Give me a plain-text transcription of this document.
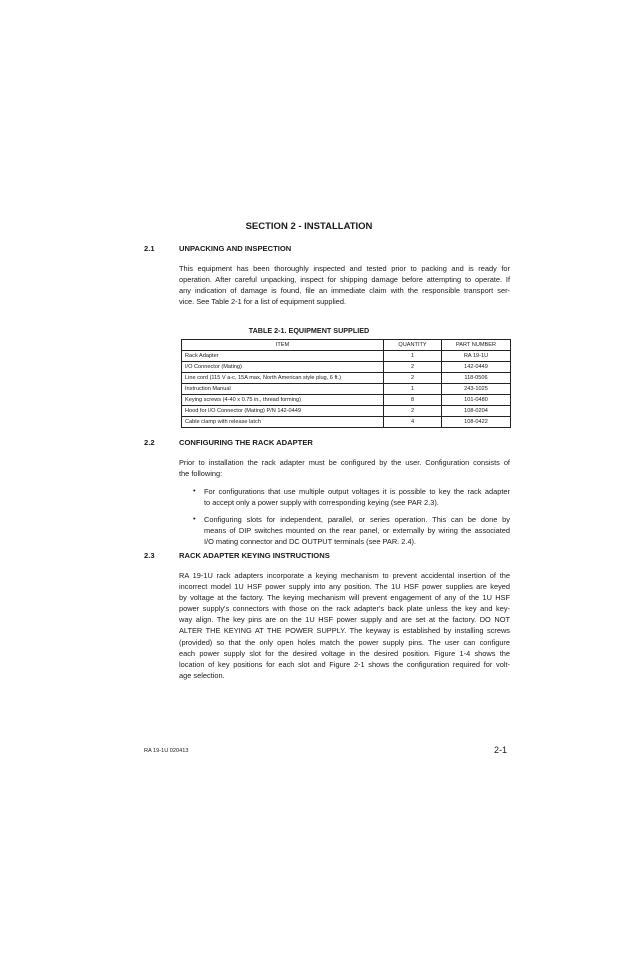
SECTION 2 - INSTALLATION
2.1	UNPACKING AND INSPECTION
This equipment has been thoroughly inspected and tested prior to packing and is ready for
operation. After careful unpacking, inspect for shipping damage before attempting to operate. If
any indication of damage is found, file an immediate claim with the responsible transport ser-
vice. See Table 2-1 for a list of equipment supplied.
TABLE 2-1. EQUIPMENT SUPPLIED
ITEM	QUANTITY	PART NUMBER
Rack Adapter	1	RA 19-1U
I/O Connector (Mating)	2	142-0449
Line cord (115 V a-c, 15A max, North American style plug, 6 ft.)	2	118-0506
Instruction Manual	1	243-1025
Keying screws (4-40 x 0.75 in., thread forming)	8	101-0480
Hood for I/O Connector (Mating) P/N 142-0449	2	108-0204
Cable clamp with release latch	4	108-0422
2.2	CONFIGURING THE RACK ADAPTER
Prior to installation the rack adapter must be configured by the user. Configuration consists of
the following:
• For configurations that use multiple output voltages it is possible to key the rack adapter
to accept only a power supply with corresponding keying (see PAR 2.3).
• Configuring slots for independent, parallel, or series operation. This can be done by
means of DIP switches mounted on the rear panel, or externally by wiring the associated
I/O mating connector and DC OUTPUT terminals (see PAR. 2.4).
2.3	RACK ADAPTER KEYING INSTRUCTIONS
RA 19-1U rack adapters incorporate a keying mechanism to prevent accidental insertion of the
incorrect model 1U HSF power supply into any position. The 1U HSF power supplies are keyed
by voltage at the factory. The keying mechanism will prevent engagement of any of the 1U HSF
power supply's connectors with those on the rack adapter's back plate unless the key and key-
way align. The key pins are on the 1U HSF power supply and are set at the factory. DO NOT
ALTER THE KEYING AT THE POWER SUPPLY. The keyway is established by installing screws
(provided) so that the only open holes match the power supply pins. The user can configure
each power supply slot for the desired voltage in the desired position. Figure 1-4 shows the
location of key positions for each slot and Figure 2-1 shows the configuration required for volt-
age selection.
RA 19-1U 020413	2-1
